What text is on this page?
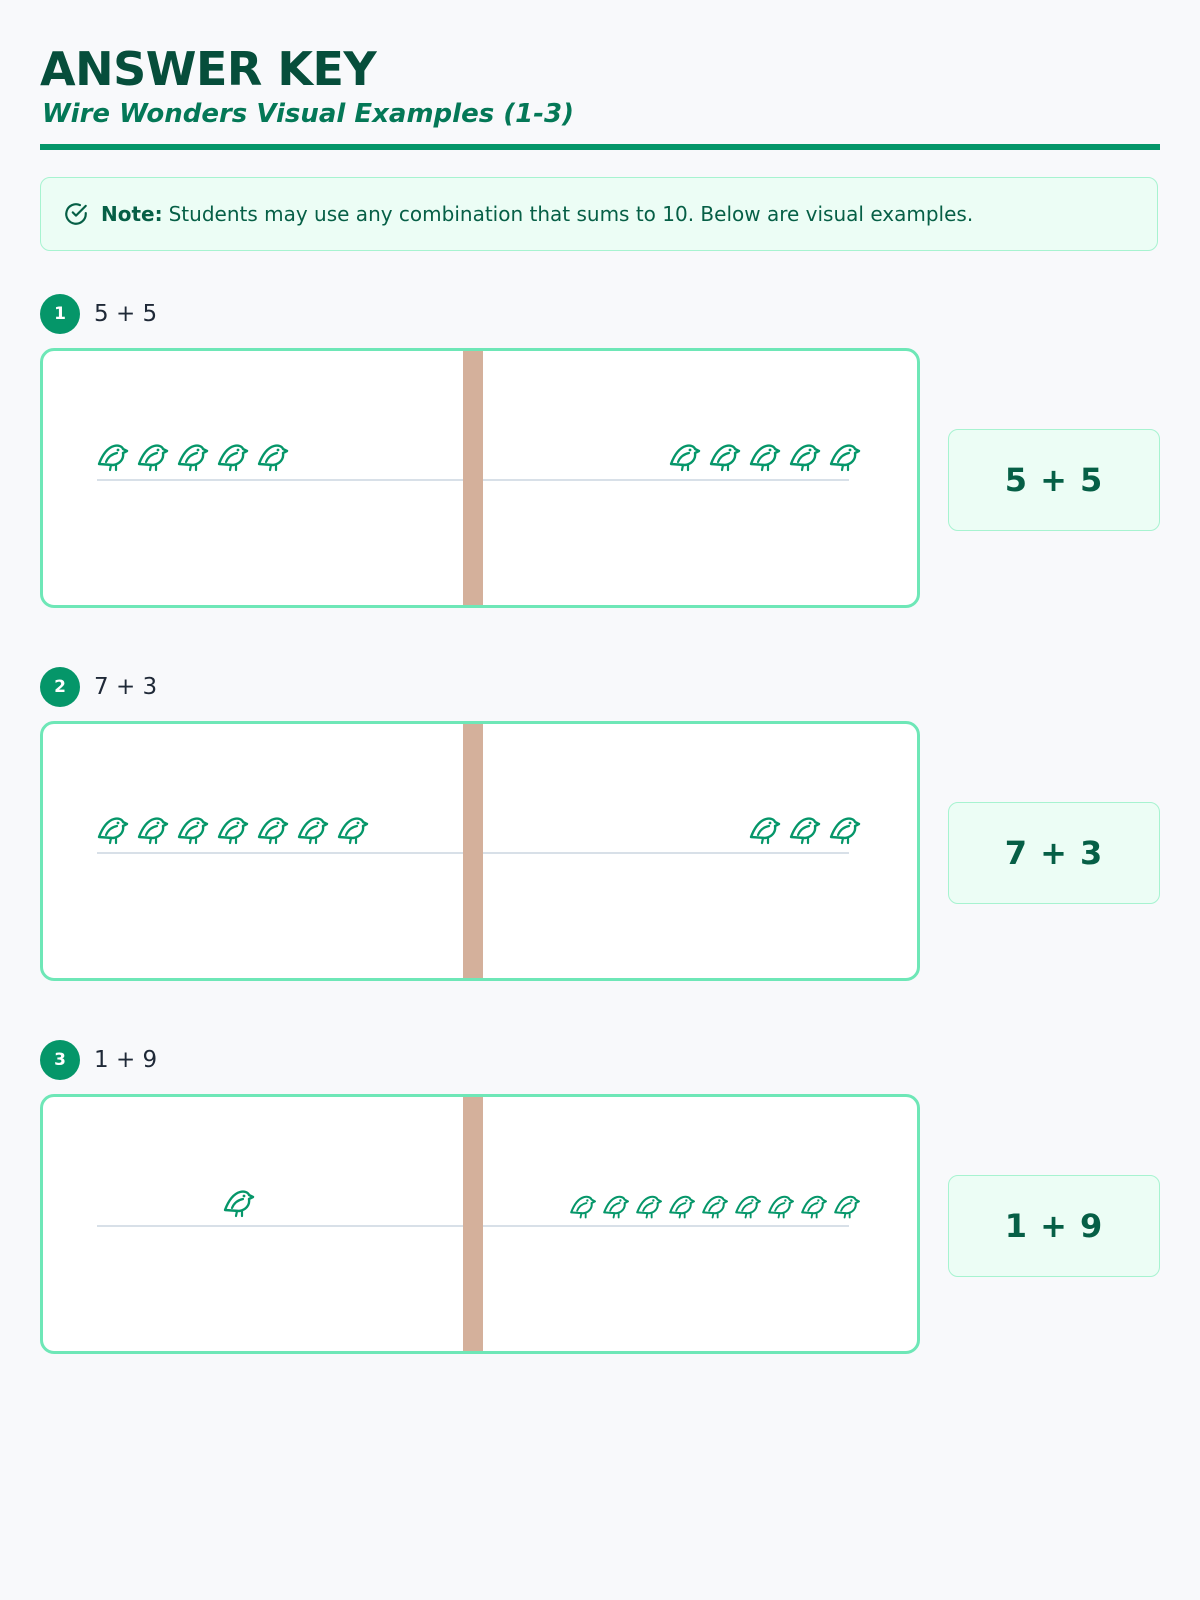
ANSWER KEY
Wire Wonders Visual Examples (1-3)
Note: Students may use any combination that sums to 10. Below are visual examples.
1	5 + 5
5 + 5
2	7 + 3
7 + 3
3	1 + 9
1 + 9
